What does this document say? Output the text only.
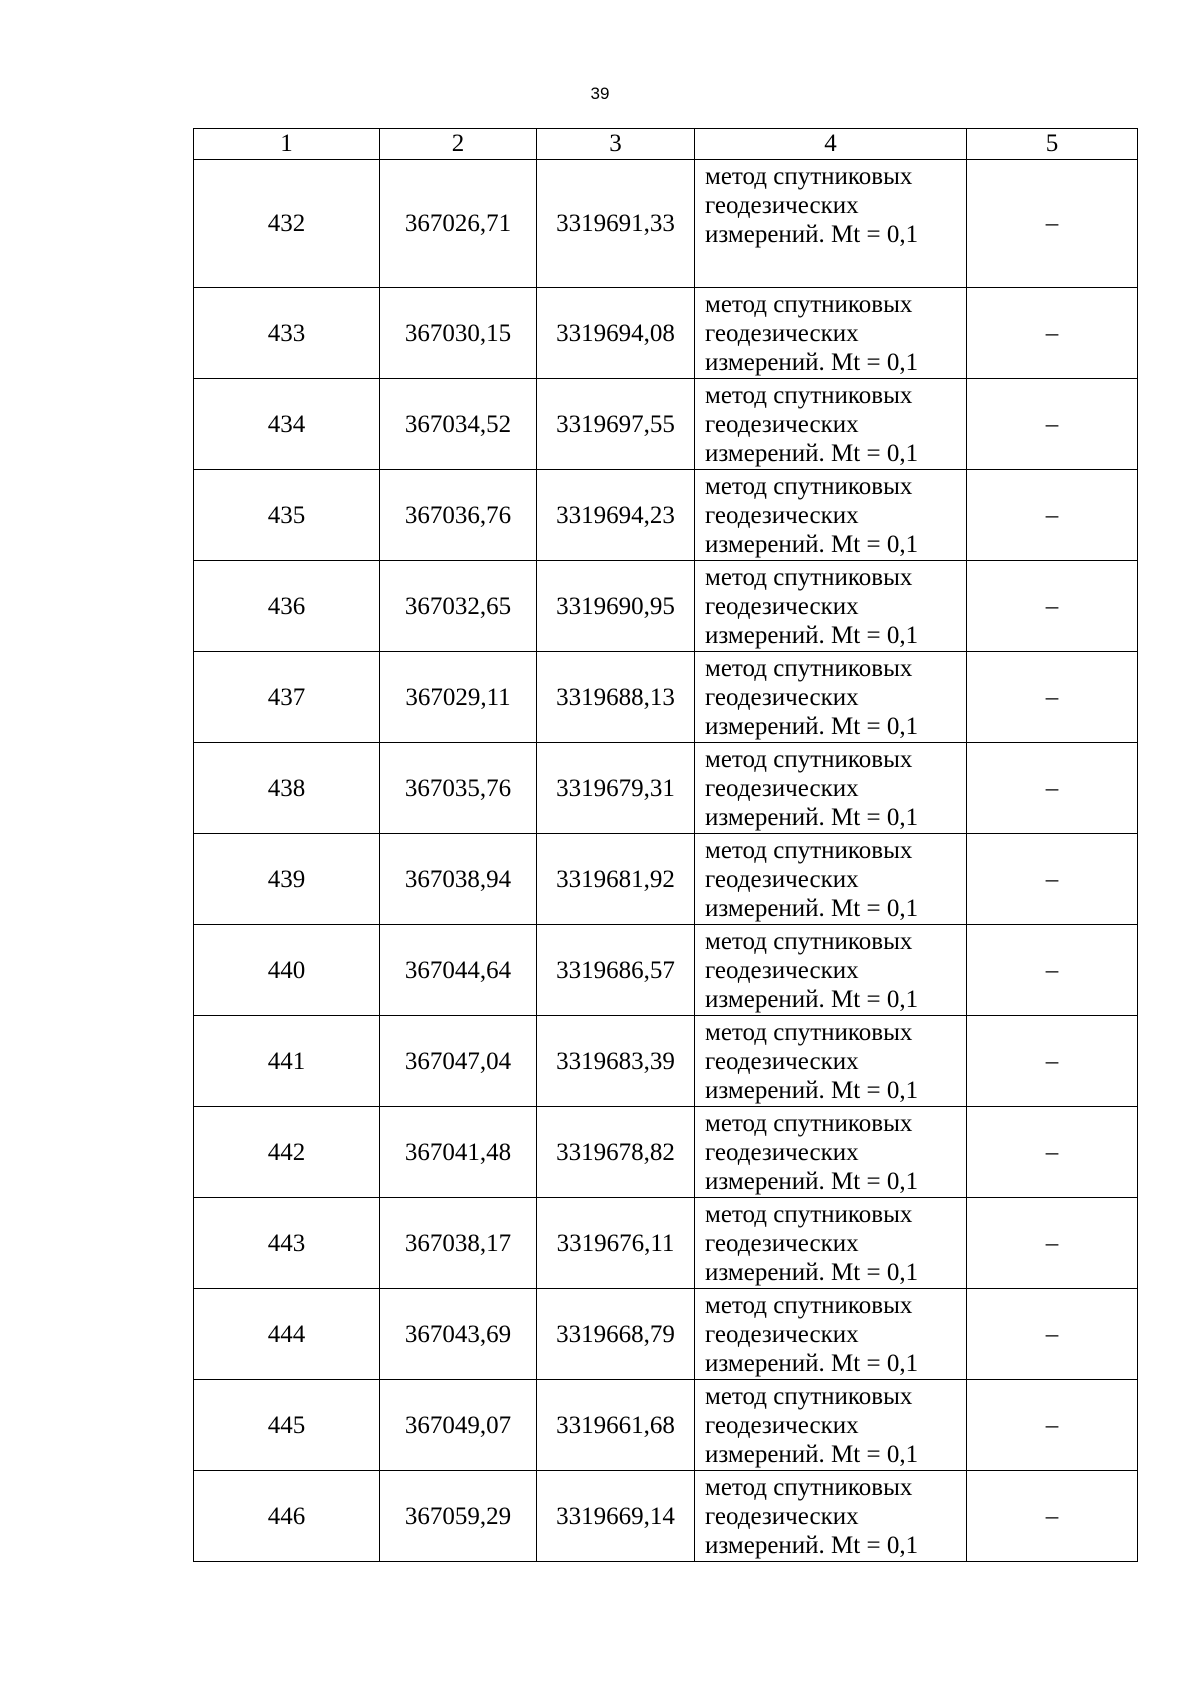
39
1	2	3	4	5
432	367026,71	3319691,33	метод спутниковых
геодезических
измерений. Mt = 0,1	–
433	367030,15	3319694,08	метод спутниковых
геодезических
измерений. Mt = 0,1	–
434	367034,52	3319697,55	метод спутниковых
геодезических
измерений. Mt = 0,1	–
435	367036,76	3319694,23	метод спутниковых
геодезических
измерений. Mt = 0,1	–
436	367032,65	3319690,95	метод спутниковых
геодезических
измерений. Mt = 0,1	–
437	367029,11	3319688,13	метод спутниковых
геодезических
измерений. Mt = 0,1	–
438	367035,76	3319679,31	метод спутниковых
геодезических
измерений. Mt = 0,1	–
439	367038,94	3319681,92	метод спутниковых
геодезических
измерений. Mt = 0,1	–
440	367044,64	3319686,57	метод спутниковых
геодезических
измерений. Mt = 0,1	–
441	367047,04	3319683,39	метод спутниковых
геодезических
измерений. Mt = 0,1	–
442	367041,48	3319678,82	метод спутниковых
геодезических
измерений. Mt = 0,1	–
443	367038,17	3319676,11	метод спутниковых
геодезических
измерений. Mt = 0,1	–
444	367043,69	3319668,79	метод спутниковых
геодезических
измерений. Mt = 0,1	–
445	367049,07	3319661,68	метод спутниковых
геодезических
измерений. Mt = 0,1	–
446	367059,29	3319669,14	метод спутниковых
геодезических
измерений. Mt = 0,1	–
